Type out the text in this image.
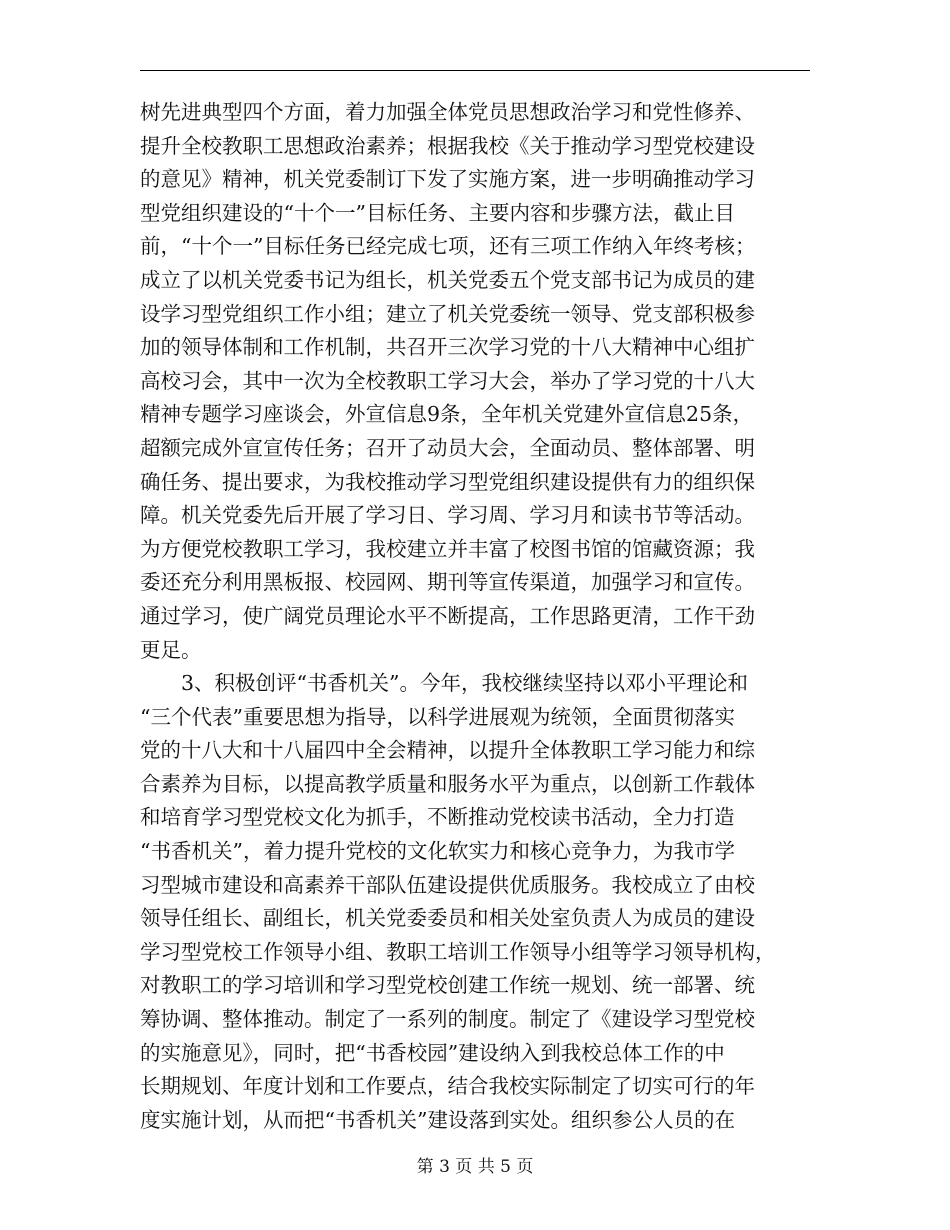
树先进典型四个方面，着力加强全体党员思想政治学习和党性修养、
提升全校教职工思想政治素养；根据我校《关于推动学习型党校建设
的意见》精神，机关党委制订下发了实施方案，进一步明确推动学习
型党组织建设的“十个一”目标任务、主要内容和步骤方法，截止目
前，“十个一”目标任务已经完成七项，还有三项工作纳入年终考核；
成立了以机关党委书记为组长，机关党委五个党支部书记为成员的建
设学习型党组织工作小组；建立了机关党委统一领导、党支部积极参
加的领导体制和工作机制，共召开三次学习党的十八大精神中心组扩
高校习会，其中一次为全校教职工学习大会，举办了学习党的十八大
精神专题学习座谈会，外宣信息9条，全年机关党建外宣信息25条，
超额完成外宣宣传任务；召开了动员大会，全面动员、整体部署、明
确任务、提出要求，为我校推动学习型党组织建设提供有力的组织保
障。机关党委先后开展了学习日、学习周、学习月和读书节等活动。
为方便党校教职工学习，我校建立并丰富了校图书馆的馆藏资源；我
委还充分利用黑板报、校园网、期刊等宣传渠道，加强学习和宣传。
通过学习，使广阔党员理论水平不断提高，工作思路更清，工作干劲
更足。
3、积极创评“书香机关”。今年，我校继续坚持以邓小平理论和
“三个代表”重要思想为指导，以科学进展观为统领，全面贯彻落实
党的十八大和十八届四中全会精神，以提升全体教职工学习能力和综
合素养为目标，以提高教学质量和服务水平为重点，以创新工作载体
和培育学习型党校文化为抓手，不断推动党校读书活动，全力打造
“书香机关”，着力提升党校的文化软实力和核心竞争力，为我市学
习型城市建设和高素养干部队伍建设提供优质服务。我校成立了由校
领导任组长、副组长，机关党委委员和相关处室负责人为成员的建设
学习型党校工作领导小组、教职工培训工作领导小组等学习领导机构，
对教职工的学习培训和学习型党校创建工作统一规划、统一部署、统
筹协调、整体推动。制定了一系列的制度。制定了《建设学习型党校
的实施意见》，同时，把“书香校园”建设纳入到我校总体工作的中
长期规划、年度计划和工作要点，结合我校实际制定了切实可行的年
度实施计划，从而把“书香机关”建设落到实处。组织参公人员的在
第 3 页 共 5 页
